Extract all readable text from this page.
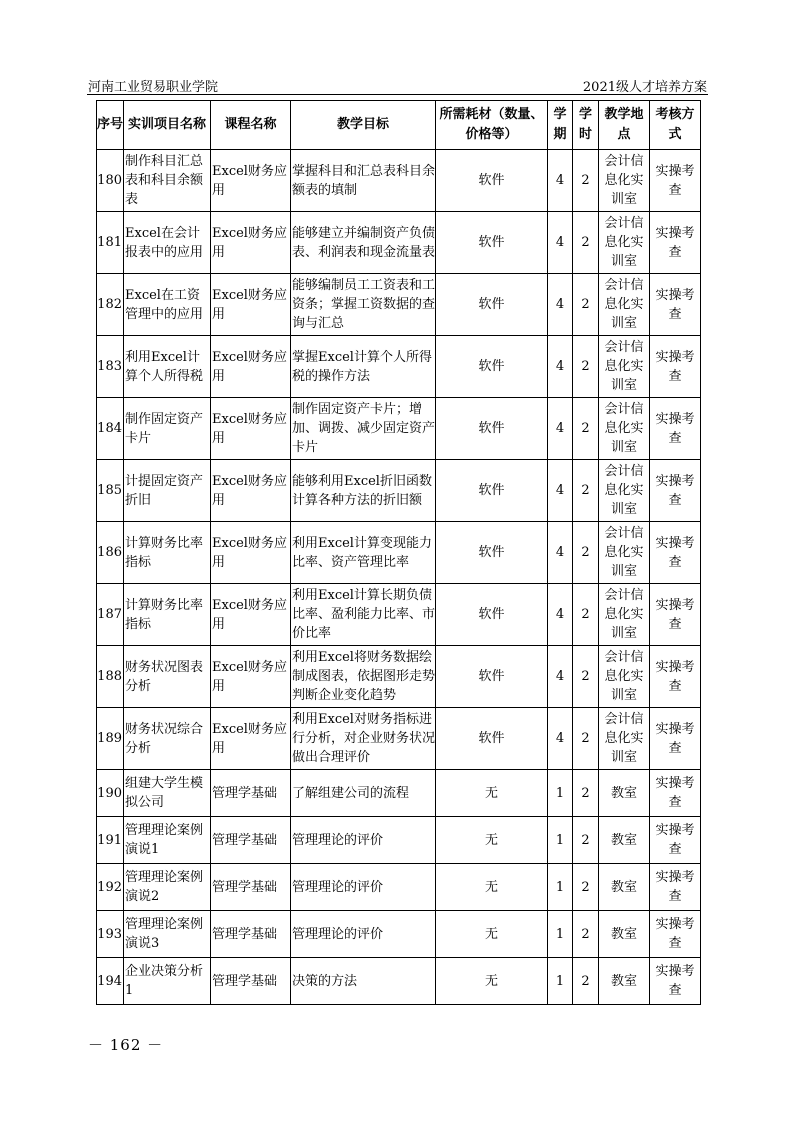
河南工业贸易职业学院	2021级人才培养方案
序号	实训项目名称	课程名称	教学目标	所需耗材（数量、价格等）	学期	学时	教学地点	考核方式
180	制作科目汇总表和科目余额表	Excel财务应用	掌握科目和汇总表科目余额表的填制	软件	4	2	会计信息化实训室	实操考查
181	Excel在会计报表中的应用	Excel财务应用	能够建立并编制资产负债表、利润表和现金流量表	软件	4	2	会计信息化实训室	实操考查
182	Excel在工资管理中的应用	Excel财务应用	能够编制员工工资表和工资条；掌握工资数据的查询与汇总	软件	4	2	会计信息化实训室	实操考查
183	利用Excel计算个人所得税	Excel财务应用	掌握Excel计算个人所得税的操作方法	软件	4	2	会计信息化实训室	实操考查
184	制作固定资产卡片	Excel财务应用	制作固定资产卡片；增加、调拨、减少固定资产卡片	软件	4	2	会计信息化实训室	实操考查
185	计提固定资产折旧	Excel财务应用	能够利用Excel折旧函数计算各种方法的折旧额	软件	4	2	会计信息化实训室	实操考查
186	计算财务比率指标	Excel财务应用	利用Excel计算变现能力比率、资产管理比率	软件	4	2	会计信息化实训室	实操考查
187	计算财务比率指标	Excel财务应用	利用Excel计算长期负债比率、盈利能力比率、市价比率	软件	4	2	会计信息化实训室	实操考查
188	财务状况图表分析	Excel财务应用	利用Excel将财务数据绘制成图表，依据图形走势判断企业变化趋势	软件	4	2	会计信息化实训室	实操考查
189	财务状况综合分析	Excel财务应用	利用Excel对财务指标进行分析，对企业财务状况做出合理评价	软件	4	2	会计信息化实训室	实操考查
190	组建大学生模拟公司	管理学基础	了解组建公司的流程	无	1	2	教室	实操考查
191	管理理论案例演说1	管理学基础	管理理论的评价	无	1	2	教室	实操考查
192	管理理论案例演说2	管理学基础	管理理论的评价	无	1	2	教室	实操考查
193	管理理论案例演说3	管理学基础	管理理论的评价	无	1	2	教室	实操考查
194	企业决策分析1	管理学基础	决策的方法	无	1	2	教室	实操考查
－ 162 －
